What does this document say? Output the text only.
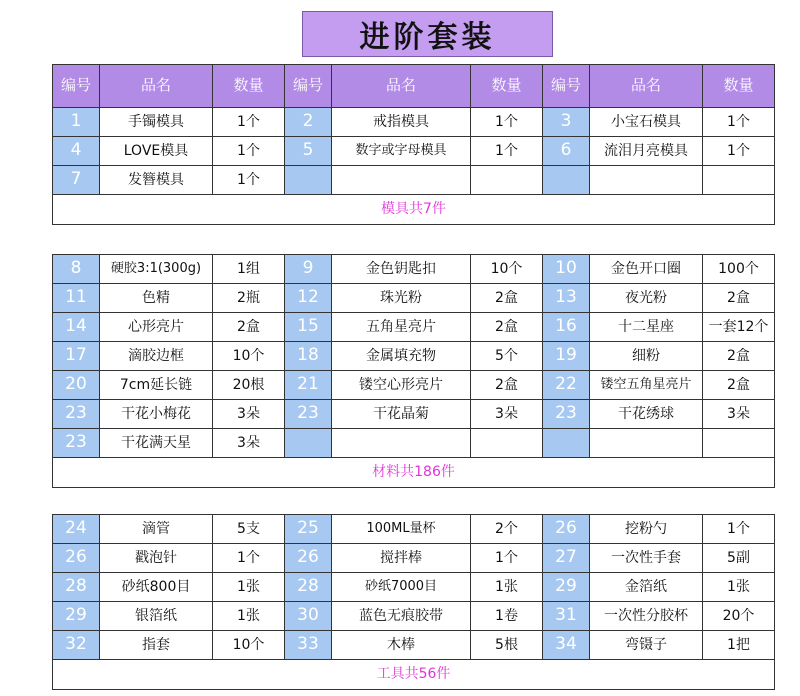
进阶套装
编号	品名	数量	编号	品名	数量	编号	品名	数量
1	手镯模具	1个	2	戒指模具	1个	3	小宝石模具	1个
4	LOVE模具	1个	5	数字或字母模具	1个	6	流泪月亮模具	1个
7	发簪模具	1个						
模具共7件								
8	硬胶3:1(300g)	1组	9	金色钥匙扣	10个	10	金色开口圈	100个
11	色精	2瓶	12	珠光粉	2盒	13	夜光粉	2盒
14	心形亮片	2盒	15	五角星亮片	2盒	16	十二星座	一套12个
17	滴胶边框	10个	18	金属填充物	5个	19	细粉	2盒
20	7cm延长链	20根	21	镂空心形亮片	2盒	22	镂空五角星亮片	2盒
23	干花小梅花	3朵	23	干花晶菊	3朵	23	干花绣球	3朵
23	干花满天星	3朵						
材料共186件								
24	滴管	5支	25	100ML量杯	2个	26	挖粉勺	1个
26	戳泡针	1个	26	搅拌棒	1个	27	一次性手套	5副
28	砂纸800目	1张	28	砂纸7000目	1张	29	金箔纸	1张
29	银箔纸	1张	30	蓝色无痕胶带	1卷	31	一次性分胶杯	20个
32	指套	10个	33	木棒	5根	34	弯镊子	1把
工具共56件								
